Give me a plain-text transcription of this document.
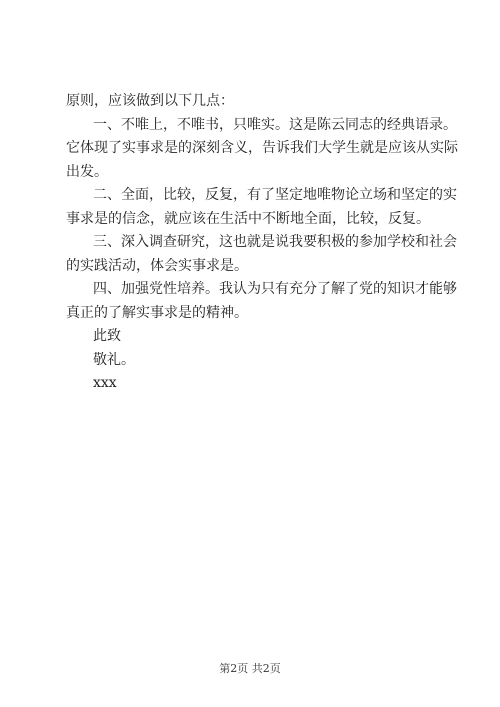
原则，应该做到以下几点：
一、不唯上，不唯书，只唯实。这是陈云同志的经典语录。
它体现了实事求是的深刻含义，告诉我们大学生就是应该从实际
出发。
二、全面，比较，反复，有了坚定地唯物论立场和坚定的实
事求是的信念，就应该在生活中不断地全面，比较，反复。
三、深入调查研究，这也就是说我要积极的参加学校和社会
的实践活动，体会实事求是。
四、加强党性培养。我认为只有充分了解了党的知识才能够
真正的了解实事求是的精神。
此致
敬礼。
xxx
第2页 共2页
